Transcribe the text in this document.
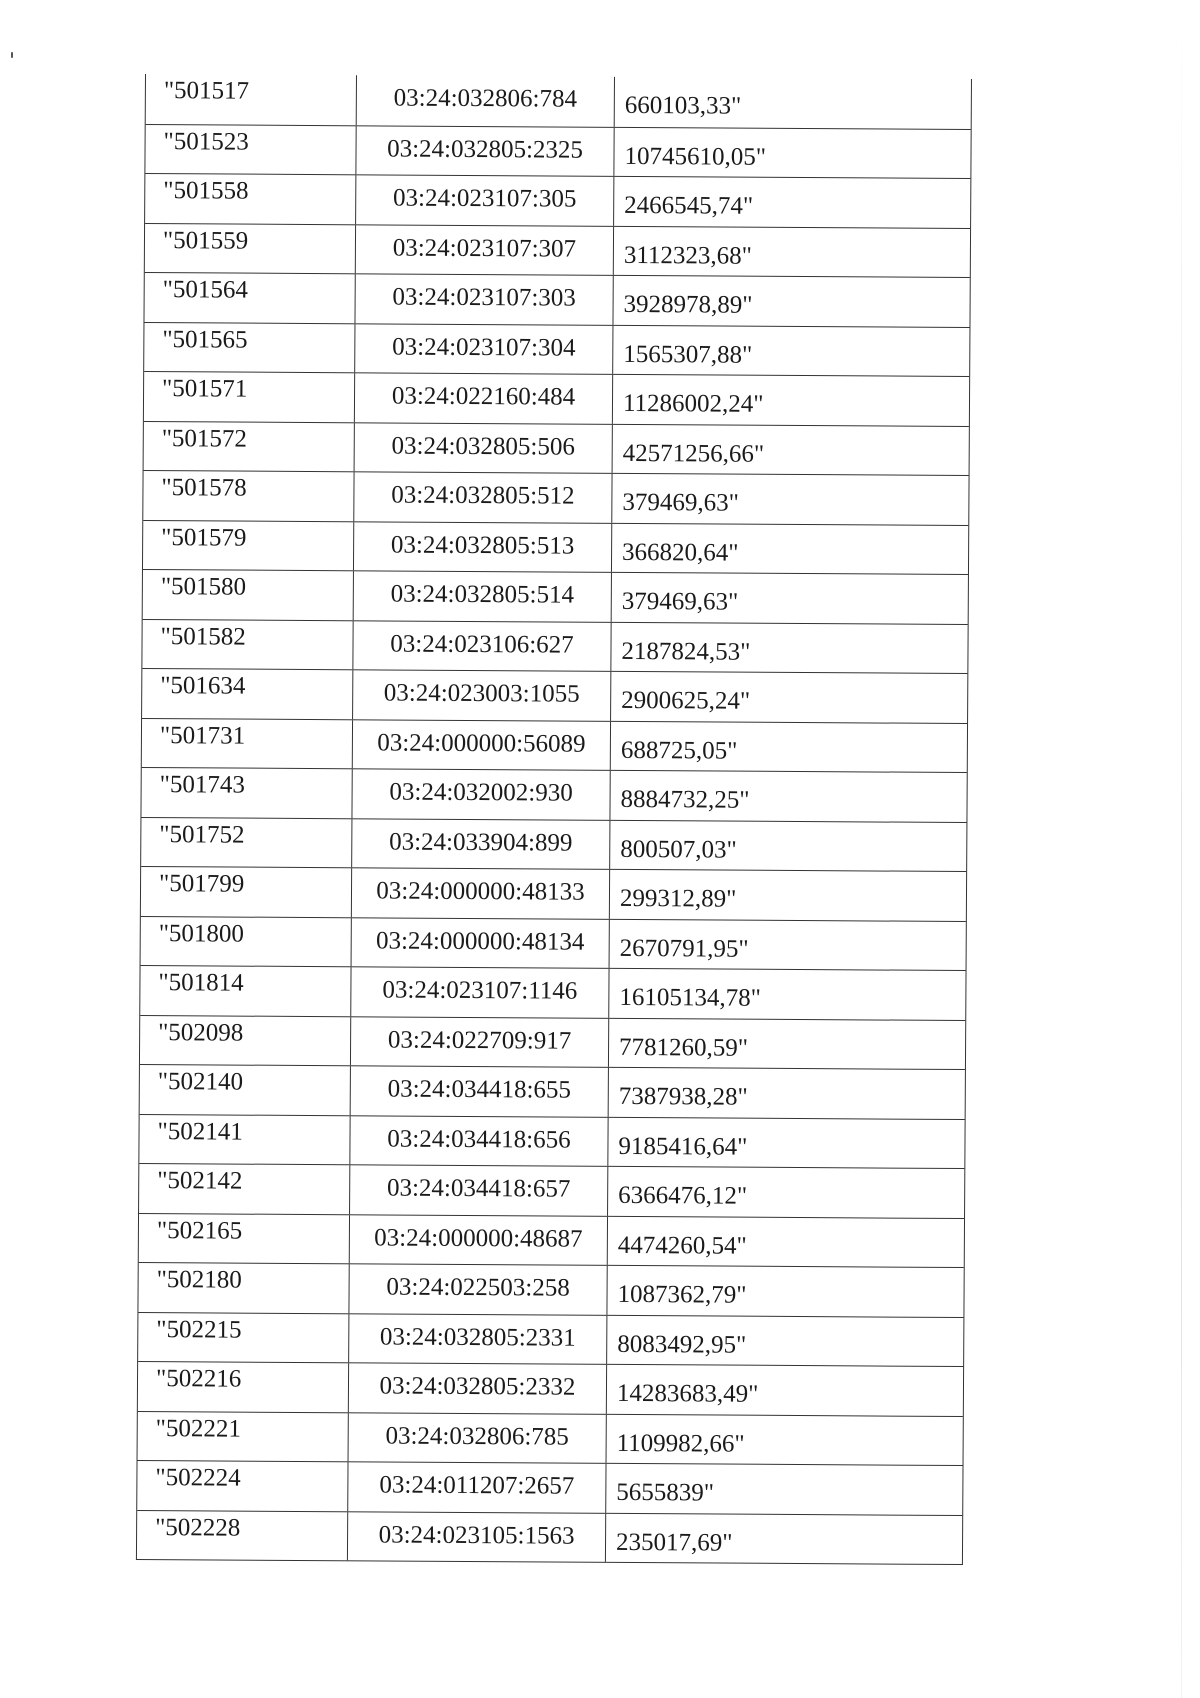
"501517	03:24:032806:784	660103,33"
"501523	03:24:032805:2325	10745610,05"
"501558	03:24:023107:305	2466545,74"
"501559	03:24:023107:307	3112323,68"
"501564	03:24:023107:303	3928978,89"
"501565	03:24:023107:304	1565307,88"
"501571	03:24:022160:484	11286002,24"
"501572	03:24:032805:506	42571256,66"
"501578	03:24:032805:512	379469,63"
"501579	03:24:032805:513	366820,64"
"501580	03:24:032805:514	379469,63"
"501582	03:24:023106:627	2187824,53"
"501634	03:24:023003:1055	2900625,24"
"501731	03:24:000000:56089	688725,05"
"501743	03:24:032002:930	8884732,25"
"501752	03:24:033904:899	800507,03"
"501799	03:24:000000:48133	299312,89"
"501800	03:24:000000:48134	2670791,95"
"501814	03:24:023107:1146	16105134,78"
"502098	03:24:022709:917	7781260,59"
"502140	03:24:034418:655	7387938,28"
"502141	03:24:034418:656	9185416,64"
"502142	03:24:034418:657	6366476,12"
"502165	03:24:000000:48687	4474260,54"
"502180	03:24:022503:258	1087362,79"
"502215	03:24:032805:2331	8083492,95"
"502216	03:24:032805:2332	14283683,49"
"502221	03:24:032806:785	1109982,66"
"502224	03:24:011207:2657	5655839"
"502228	03:24:023105:1563	235017,69"
